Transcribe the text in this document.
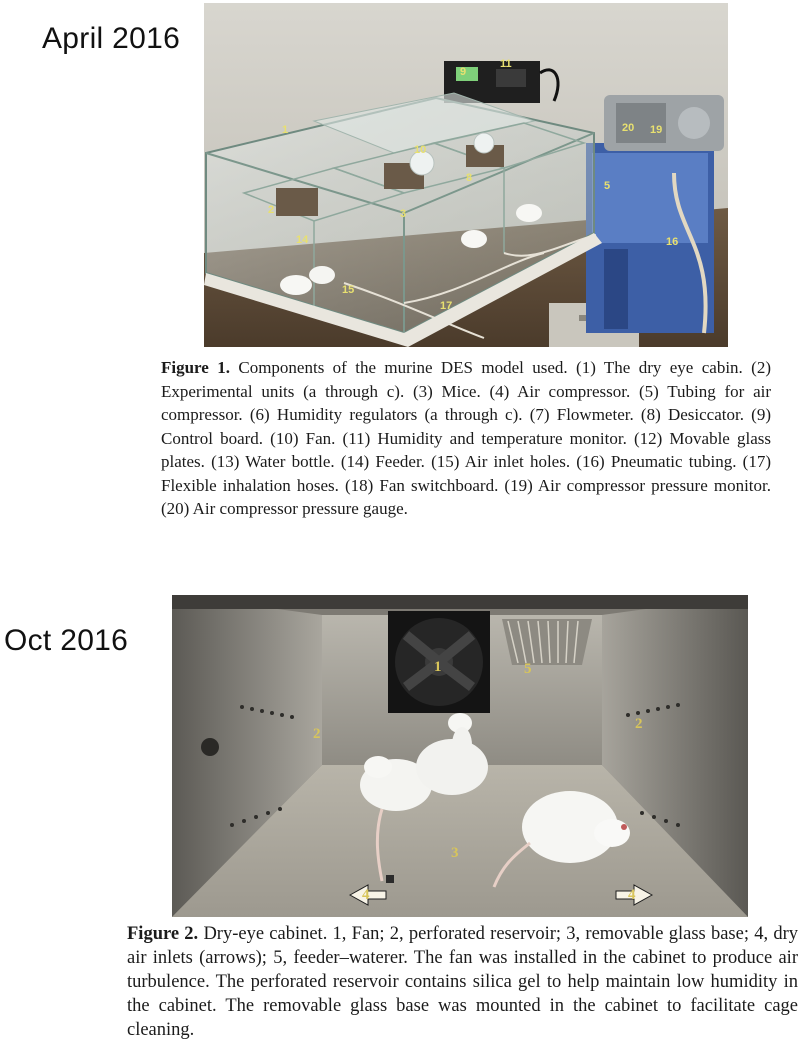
April 2016
1
2	3
5
8
9
10
11
14
15
16
17
19
20
Figure 1. Components of the murine DES model used. (1) The dry eye cabin. (2) Experimental units (a through c). (3) Mice. (4) Air compressor. (5) Tubing for air compressor. (6) Humidity regulators (a through c). (7) Flowmeter. (8) Desiccator. (9) Control board. (10) Fan. (11) Humidity and temperature monitor. (12) Movable glass plates. (13) Water bottle. (14) Feeder. (15) Air inlet holes. (16) Pneumatic tubing. (17) Flexible inhalation hoses. (18) Fan switchboard. (19) Air compressor pressure monitor. (20) Air compressor pressure gauge.
Oct 2016
1
2
2
3
4	4
5
Figure 2. Dry-eye cabinet. 1, Fan; 2, perforated reservoir; 3, removable glass base; 4, dry air inlets (arrows); 5, feeder–waterer. The fan was installed in the cabinet to produce air turbulence. The perforated reservoir contains silica gel to help maintain low humidity in the cabinet. The removable glass base was mounted in the cabinet to facilitate cage cleaning.
